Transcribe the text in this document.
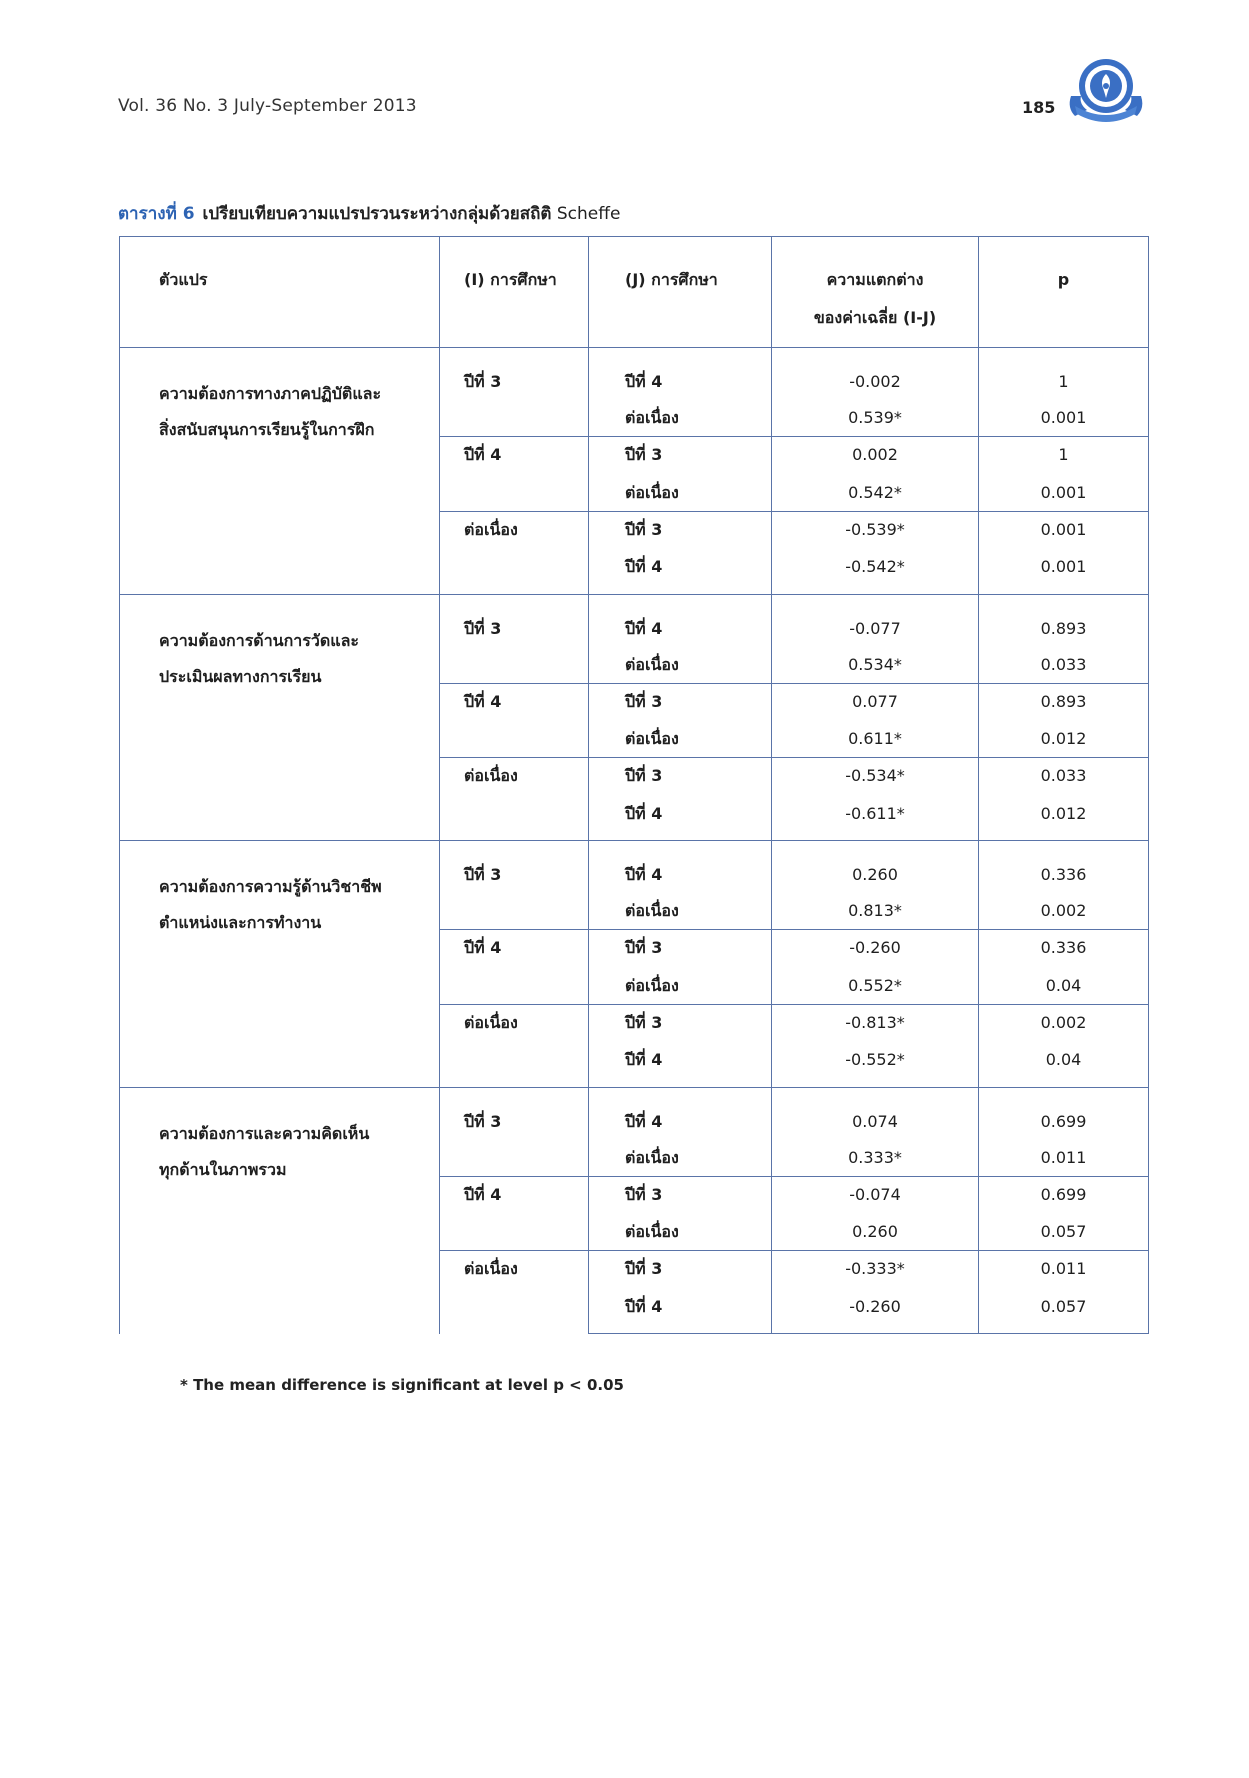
Vol. 36 No. 3 July-September 2013	185
ตารางที่ 6 เปรียบเทียบความแปรปรวนระหว่างกลุ่มด้วยสถิติ Scheffe
ตัวแปร	(I) การศึกษา	(J) การศึกษา	ความแตกต่าง
ของค่าเฉลี่ย (I-J)	p

ความต้องการทางภาคปฏิบัติและ
สิ่งสนับสนุนการเรียนรู้ในการฝึก	ปีที่ 3	ปีที่ 4	-0.002	1

		ต่อเนื่อง	0.539*	0.001

	ปีที่ 4	ปีที่ 3	0.002	1

		ต่อเนื่อง	0.542*	0.001

	ต่อเนื่อง	ปีที่ 3	-0.539*	0.001

		ปีที่ 4	-0.542*	0.001

ความต้องการด้านการวัดและ
ประเมินผลทางการเรียน	ปีที่ 3	ปีที่ 4	-0.077	0.893

		ต่อเนื่อง	0.534*	0.033

	ปีที่ 4	ปีที่ 3	0.077	0.893

		ต่อเนื่อง	0.611*	0.012

	ต่อเนื่อง	ปีที่ 3	-0.534*	0.033

		ปีที่ 4	-0.611*	0.012

ความต้องการความรู้ด้านวิชาชีพ
ตำแหน่งและการทำงาน	ปีที่ 3	ปีที่ 4	0.260	0.336

		ต่อเนื่อง	0.813*	0.002

	ปีที่ 4	ปีที่ 3	-0.260	0.336

		ต่อเนื่อง	0.552*	0.04

	ต่อเนื่อง	ปีที่ 3	-0.813*	0.002

		ปีที่ 4	-0.552*	0.04

ความต้องการและความคิดเห็น
ทุกด้านในภาพรวม	ปีที่ 3	ปีที่ 4	0.074	0.699

		ต่อเนื่อง	0.333*	0.011

	ปีที่ 4	ปีที่ 3	-0.074	0.699

		ต่อเนื่อง	0.260	0.057

	ต่อเนื่อง	ปีที่ 3	-0.333*	0.011

		ปีที่ 4	-0.260	0.057
* The mean difference is significant at level p < 0.05
